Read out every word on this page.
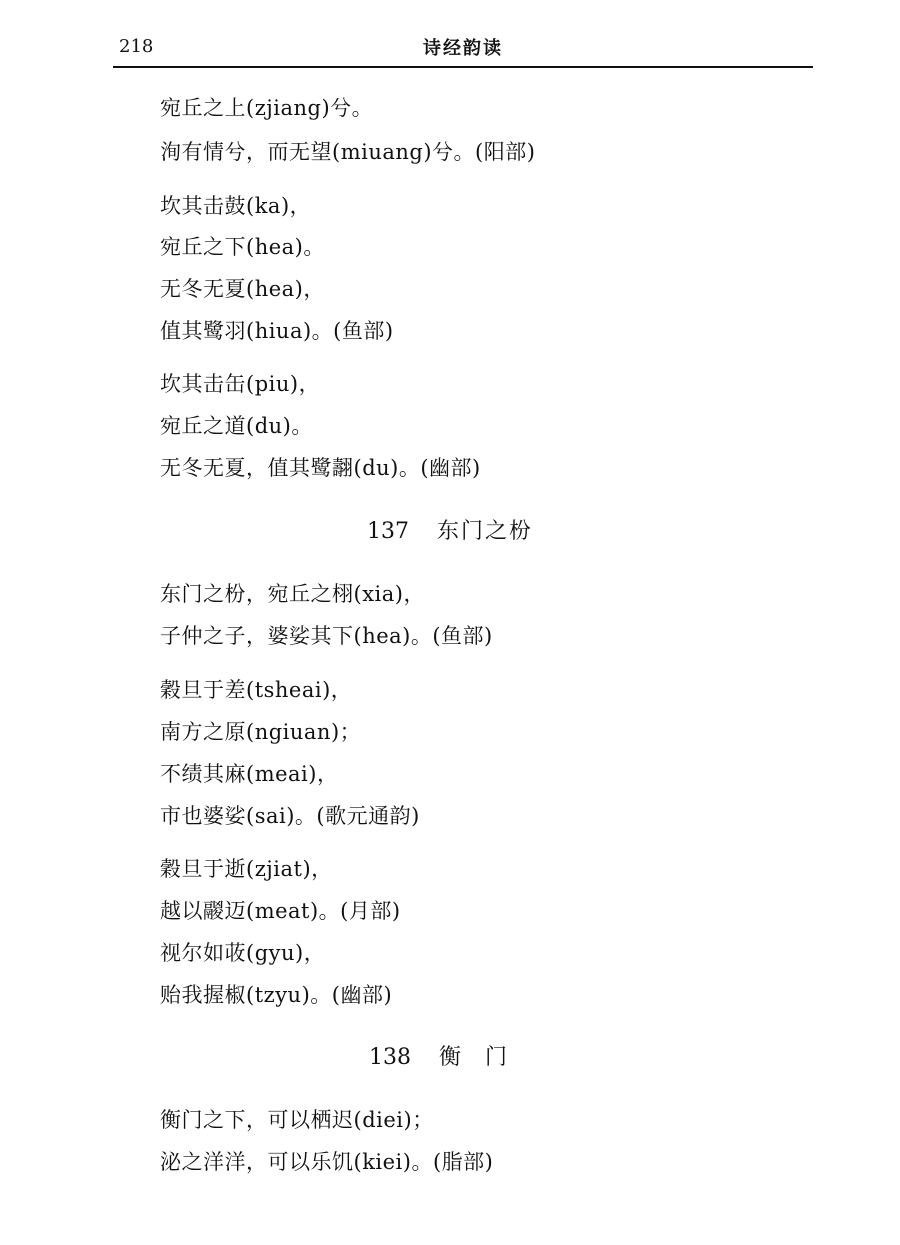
218	诗经韵读
宛丘之上(zjiang)兮。
洵有情兮，而无望(miuang)兮。(阳部)
坎其击鼓(ka)，
宛丘之下(hea)。
无冬无夏(hea)，
值其鹭羽(hiua)。(鱼部)
坎其击缶(piu)，
宛丘之道(du)。
无冬无夏，值其鹭翿(du)。(幽部)
137 东门之枌
东门之枌，宛丘之栩(xia)，
子仲之子，婆娑其下(hea)。(鱼部)
穀旦于差(tsheai)，
南方之原(ngiuan)；
不绩其麻(meai)，
市也婆娑(sai)。(歌元通韵)
穀旦于逝(zjiat)，
越以鬷迈(meat)。(月部)
视尔如荍(gyu)，
贻我握椒(tzyu)。(幽部)
138 衡门
衡门之下，可以栖迟(diei)；
泌之洋洋，可以乐饥(kiei)。(脂部)
